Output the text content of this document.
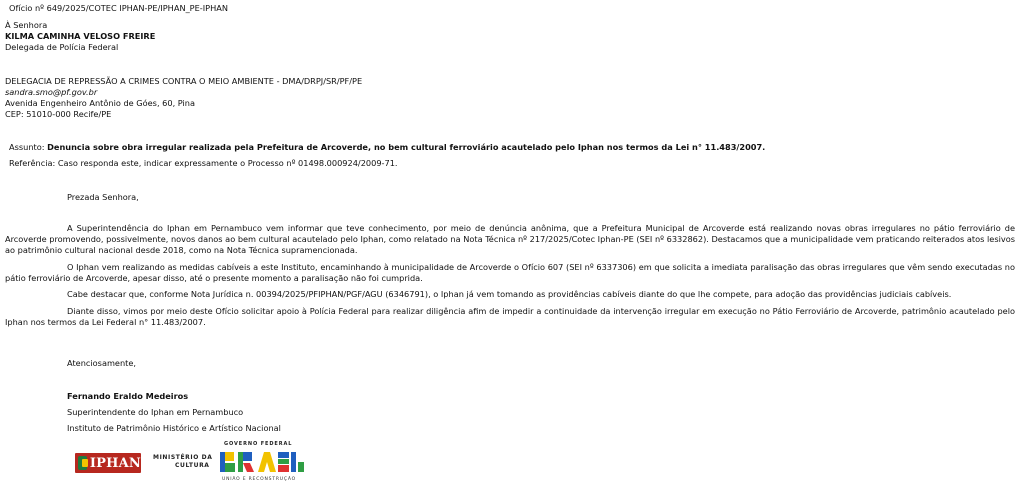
Ofício nº 649/2025/COTEC IPHAN-PE/IPHAN_PE-IPHAN
À Senhora
KILMA CAMINHA VELOSO FREIRE
Delegada de Polícia Federal
DELEGACIA DE REPRESSÃO A CRIMES CONTRA O MEIO AMBIENTE - DMA/DRPJ/SR/PF/PE
sandra.smo@pf.gov.br
Avenida Engenheiro Antônio de Góes, 60, Pina
CEP: 51010-000 Recife/PE
Assunto: Denuncia sobre obra irregular realizada pela Prefeitura de Arcoverde, no bem cultural ferroviário acautelado pelo Iphan nos termos da Lei n° 11.483/2007.
Referência: Caso responda este, indicar expressamente o Processo nº 01498.000924/2009-71.
Prezada Senhora,
A Superintendência do Iphan em Pernambuco vem informar que teve conhecimento, por meio de denúncia anônima, que a Prefeitura Municipal de Arcoverde está realizando novas obras irregulares no pátio ferroviário de Arcoverde promovendo, possivelmente, novos danos ao bem cultural acautelado pelo Iphan, como relatado na Nota Técnica nº 217/2025/Cotec Iphan-PE (SEI nº 6332862). Destacamos que a municipalidade vem praticando reiterados atos lesivos ao patrimônio cultural nacional desde 2018, como na Nota Técnica supramencionada.
O Iphan vem realizando as medidas cabíveis a este Instituto, encaminhando à municipalidade de Arcoverde o Ofício 607 (SEI nº 6337306) em que solicita a imediata paralisação das obras irregulares que vêm sendo executadas no pátio ferroviário de Arcoverde, apesar disso, até o presente momento a paralisação não foi cumprida.
Cabe destacar que, conforme Nota Jurídica n. 00394/2025/PFIPHAN/PGF/AGU (6346791), o Iphan já vem tomando as providências cabíveis diante do que lhe compete, para adoção das providências judiciais cabíveis.
Diante disso, vimos por meio deste Ofício solicitar apoio à Polícia Federal para realizar diligência afim de impedir a continuidade da intervenção irregular em execução no Pátio Ferroviário de Arcoverde, patrimônio acautelado pelo Iphan nos termos da Lei Federal n° 11.483/2007.
Atenciosamente,
Fernando Eraldo Medeiros
Superintendente do Iphan em Pernambuco
Instituto de Patrimônio Histórico e Artístico Nacional
IPHAN MINISTÉRIO DA
CULTURA
GOVERNO FEDERAL
UNIÃO E RECONSTRUÇÃO
